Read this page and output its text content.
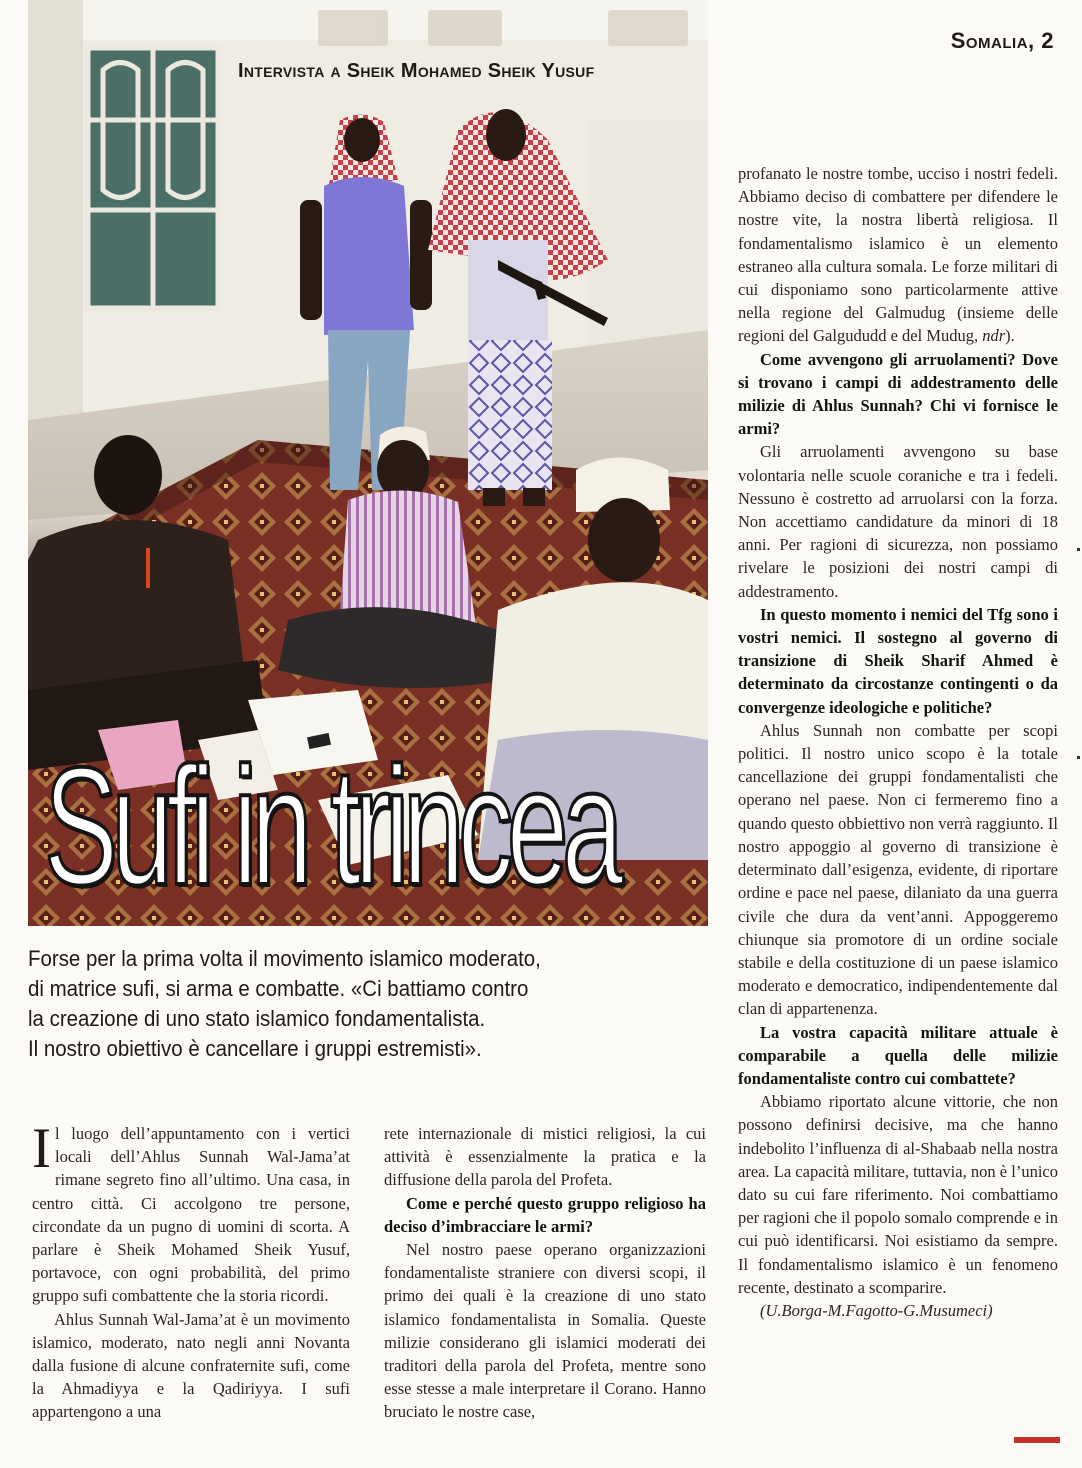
Somalia, 2

Intervista a Sheik Mohamed Sheik Yusuf

Sufi in trincea

Forse per la prima volta il movimento islamico moderato,
di matrice sufi, si arma e combatte. «Ci battiamo contro
la creazione di uno stato islamico fondamentalista.
Il nostro obiettivo è cancellare i gruppi estremisti».

Il luogo dell’appuntamento con i vertici locali dell’Ahlus Sunnah Wal-Jama’at rimane segreto fino all’ultimo. Una casa, in centro città. Ci accolgono tre persone, circondate da un pugno di uomini di scorta. A parlare è Sheik Mohamed Sheik Yusuf, portavoce, con ogni probabilità, del primo gruppo sufi combattente che la storia ricordi.

Ahlus Sunnah Wal-Jama’at è un movimento islamico, moderato, nato negli anni Novanta dalla fusione di alcune confraternite sufi, come la Ahmadiyya e la Qadiriyya. I sufi appartengono a una

rete internazionale di mistici religiosi, la cui attività è essenzialmente la pratica e la diffusione della parola del Profeta.

Come e perché questo gruppo religioso ha deciso d’imbracciare le armi?

Nel nostro paese operano organizzazioni fondamentaliste straniere con diversi scopi, il primo dei quali è la creazione di uno stato islamico fondamentalista in Somalia. Queste milizie considerano gli islamici moderati dei traditori della parola del Profeta, mentre sono esse stesse a male interpretare il Corano. Hanno bruciato le nostre case,

profanato le nostre tombe, ucciso i nostri fedeli. Abbiamo deciso di combattere per difendere le nostre vite, la nostra libertà religiosa. Il fondamentalismo islamico è un elemento estraneo alla cultura somala. Le forze militari di cui disponiamo sono particolarmente attive nella regione del Galmudug (insieme delle regioni del Galgududd e del Mudug, ndr).

Come avvengono gli arruolamenti? Dove si trovano i campi di addestramento delle milizie di Ahlus Sunnah? Chi vi fornisce le armi?

Gli arruolamenti avvengono su base volontaria nelle scuole coraniche e tra i fedeli. Nessuno è costretto ad arruolarsi con la forza. Non accettiamo candidature da minori di 18 anni. Per ragioni di sicurezza, non possiamo rivelare le posizioni dei nostri campi di addestramento.

In questo momento i nemici del Tfg sono i vostri nemici. Il sostegno al governo di transizione di Sheik Sharif Ahmed è determinato da circostanze contingenti o da convergenze ideologiche e politiche?

Ahlus Sunnah non combatte per scopi politici. Il nostro unico scopo è la totale cancellazione dei gruppi fondamentalisti che operano nel paese. Non ci fermeremo fino a quando questo obbiettivo non verrà raggiunto. Il nostro appoggio al governo di transizione è determinato dall’esigenza, evidente, di riportare ordine e pace nel paese, dilaniato da una guerra civile che dura da vent’anni. Appoggeremo chiunque sia promotore di un ordine sociale stabile e della costituzione di un paese islamico moderato e democratico, indipendentemente dal clan di appartenenza.

La vostra capacità militare attuale è comparabile a quella delle milizie fondamentaliste contro cui combattete?

Abbiamo riportato alcune vittorie, che non possono definirsi decisive, ma che hanno indebolito l’influenza di al-Shabaab nella nostra area. La capacità militare, tuttavia, non è l’unico dato su cui fare riferimento. Noi combattiamo per ragioni che il popolo somalo comprende e in cui può identificarsi. Noi esistiamo da sempre. Il fondamentalismo islamico è un fenomeno recente, destinato a scomparire.

(U.Borga-M.Fagotto-G.Musumeci)
